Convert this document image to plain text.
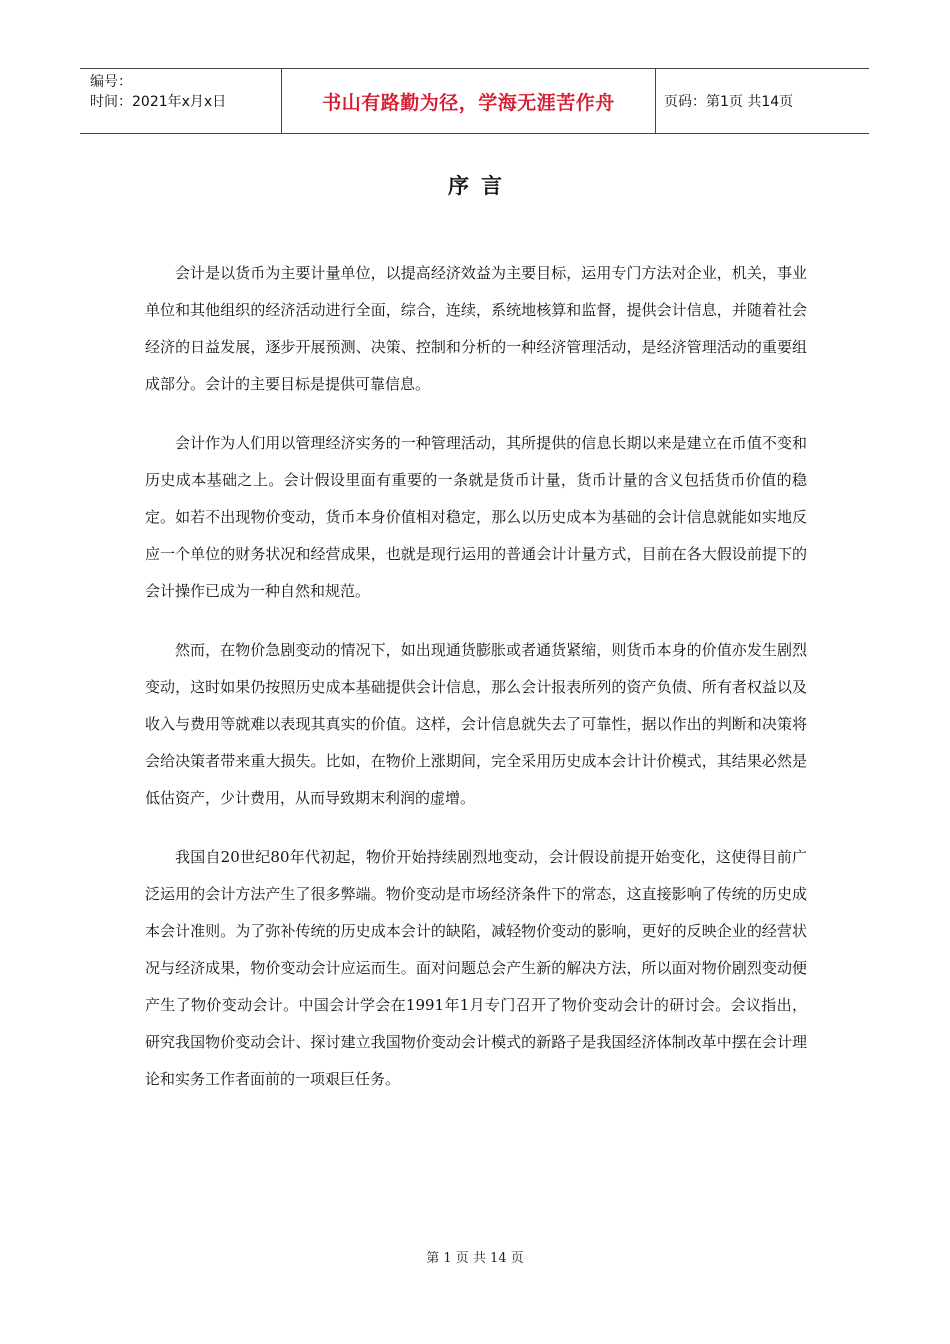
编号：
时间：2021年x月x日	书山有路勤为径，学海无涯苦作舟	页码：第1页 共14页
序言

会计是以货币为主要计量单位，以提高经济效益为主要目标，运用专门方法对企业，机关，事业单位和其他组织的经济活动进行全面，综合，连续，系统地核算和监督，提供会计信息，并随着社会经济的日益发展，逐步开展预测、决策、控制和分析的一种经济管理活动，是经济管理活动的重要组成部分。会计的主要目标是提供可靠信息。

会计作为人们用以管理经济实务的一种管理活动，其所提供的信息长期以来是建立在币值不变和历史成本基础之上。会计假设里面有重要的一条就是货币计量，货币计量的含义包括货币价值的稳定。如若不出现物价变动，货币本身价值相对稳定，那么以历史成本为基础的会计信息就能如实地反应一个单位的财务状况和经营成果，也就是现行运用的普通会计计量方式，目前在各大假设前提下的会计操作已成为一种自然和规范。

然而，在物价急剧变动的情况下，如出现通货膨胀或者通货紧缩，则货币本身的价值亦发生剧烈变动，这时如果仍按照历史成本基础提供会计信息，那么会计报表所列的资产负债、所有者权益以及收入与费用等就难以表现其真实的价值。这样，会计信息就失去了可靠性，据以作出的判断和决策将会给决策者带来重大损失。比如，在物价上涨期间，完全采用历史成本会计计价模式，其结果必然是低估资产，少计费用，从而导致期末利润的虚增。

我国自20世纪80年代初起，物价开始持续剧烈地变动，会计假设前提开始变化，这使得目前广泛运用的会计方法产生了很多弊端。物价变动是市场经济条件下的常态，这直接影响了传统的历史成本会计准则。为了弥补传统的历史成本会计的缺陷，减轻物价变动的影响，更好的反映企业的经营状况与经济成果，物价变动会计应运而生。面对问题总会产生新的解决方法，所以面对物价剧烈变动便产生了物价变动会计。中国会计学会在1991年1月专门召开了物价变动会计的研讨会。会议指出，研究我国物价变动会计、探讨建立我国物价变动会计模式的新路子是我国经济体制改革中摆在会计理论和实务工作者面前的一项艰巨任务。

第 1 页 共 14 页
